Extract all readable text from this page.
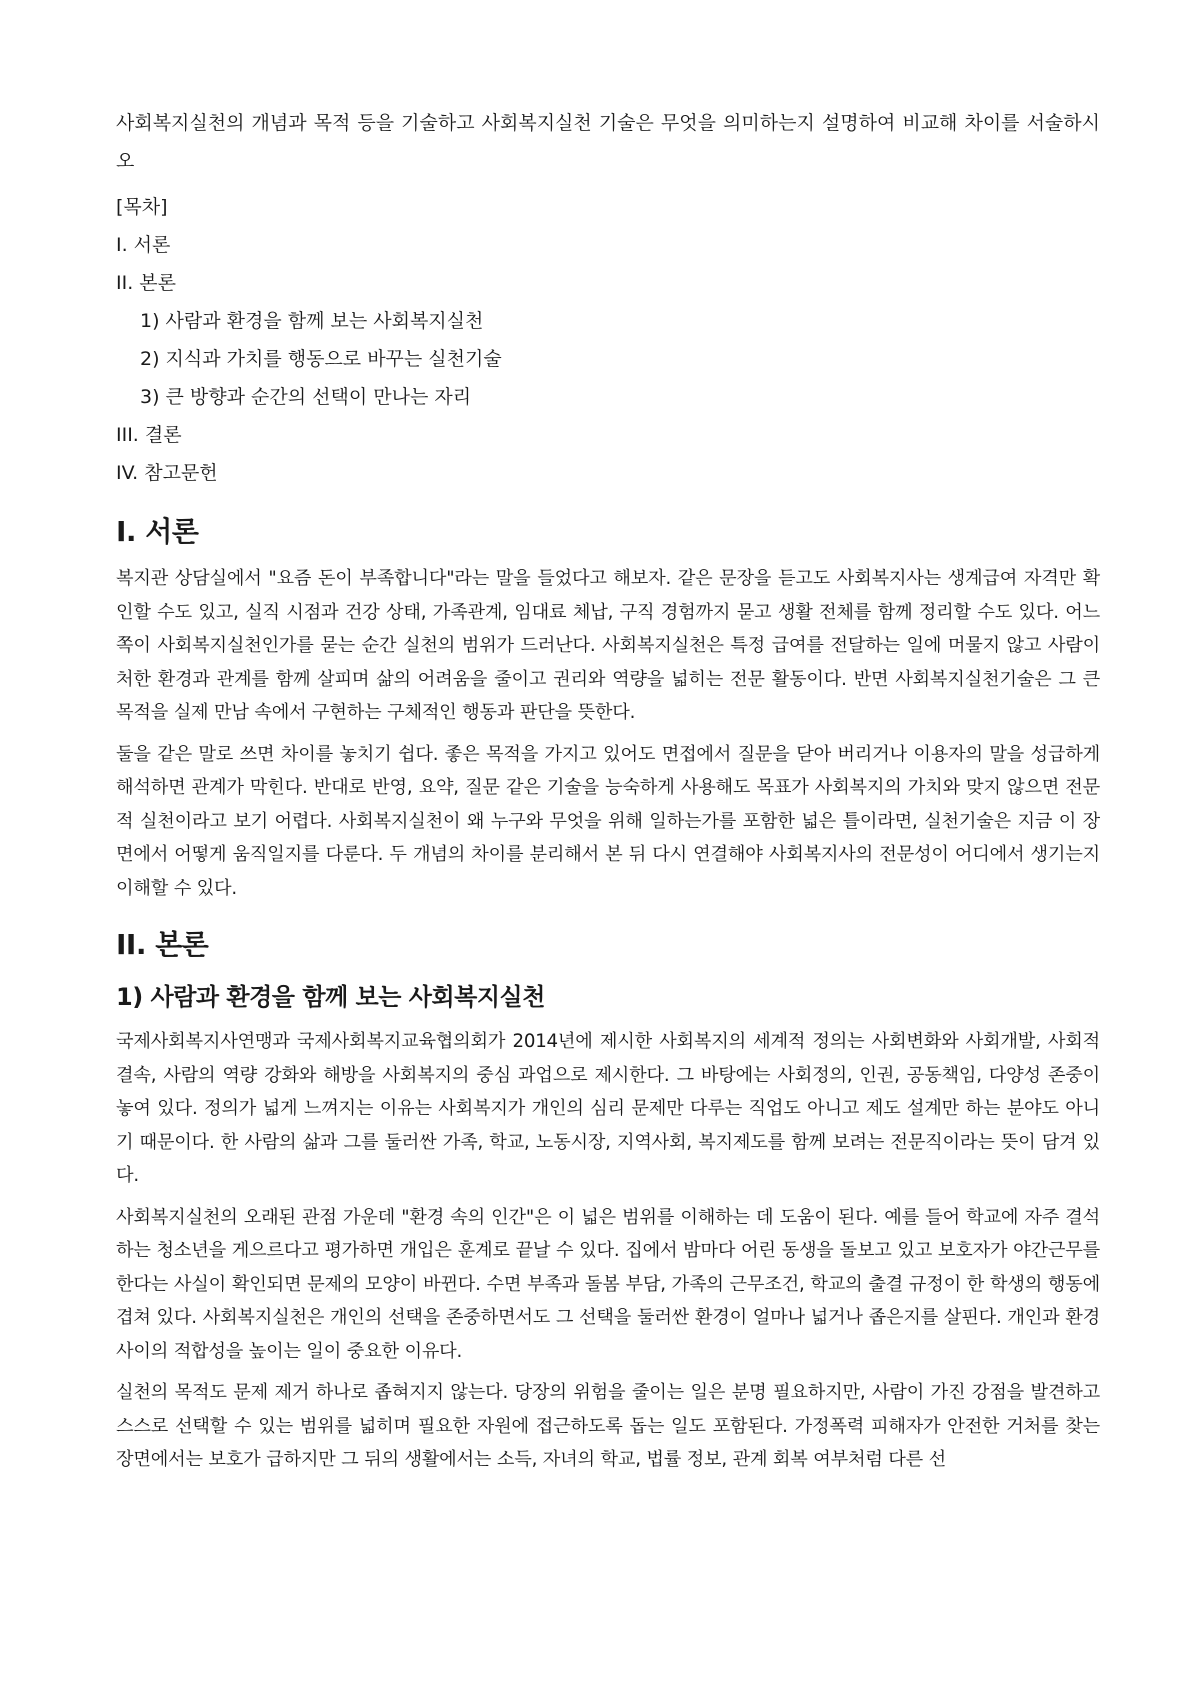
사회복지실천의 개념과 목적 등을 기술하고 사회복지실천 기술은 무엇을 의미하는지 설명하여 비교해 차이를 서술하시오

[목차]

I. 서론

II. 본론

1) 사람과 환경을 함께 보는 사회복지실천

2) 지식과 가치를 행동으로 바꾸는 실천기술

3) 큰 방향과 순간의 선택이 만나는 자리

III. 결론

IV. 참고문헌

I. 서론

복지관 상담실에서 "요즘 돈이 부족합니다"라는 말을 들었다고 해보자. 같은 문장을 듣고도 사회복지사는 생계급여 자격만 확인할 수도 있고, 실직 시점과 건강 상태, 가족관계, 임대료 체납, 구직 경험까지 묻고 생활 전체를 함께 정리할 수도 있다. 어느 쪽이 사회복지실천인가를 묻는 순간 실천의 범위가 드러난다. 사회복지실천은 특정 급여를 전달하는 일에 머물지 않고 사람이 처한 환경과 관계를 함께 살피며 삶의 어려움을 줄이고 권리와 역량을 넓히는 전문 활동이다. 반면 사회복지실천기술은 그 큰 목적을 실제 만남 속에서 구현하는 구체적인 행동과 판단을 뜻한다.

둘을 같은 말로 쓰면 차이를 놓치기 쉽다. 좋은 목적을 가지고 있어도 면접에서 질문을 닫아 버리거나 이용자의 말을 성급하게 해석하면 관계가 막힌다. 반대로 반영, 요약, 질문 같은 기술을 능숙하게 사용해도 목표가 사회복지의 가치와 맞지 않으면 전문적 실천이라고 보기 어렵다. 사회복지실천이 왜 누구와 무엇을 위해 일하는가를 포함한 넓은 틀이라면, 실천기술은 지금 이 장면에서 어떻게 움직일지를 다룬다. 두 개념의 차이를 분리해서 본 뒤 다시 연결해야 사회복지사의 전문성이 어디에서 생기는지 이해할 수 있다.

II. 본론
1) 사람과 환경을 함께 보는 사회복지실천

국제사회복지사연맹과 국제사회복지교육협의회가 2014년에 제시한 사회복지의 세계적 정의는 사회변화와 사회개발, 사회적 결속, 사람의 역량 강화와 해방을 사회복지의 중심 과업으로 제시한다. 그 바탕에는 사회정의, 인권, 공동책임, 다양성 존중이 놓여 있다. 정의가 넓게 느껴지는 이유는 사회복지가 개인의 심리 문제만 다루는 직업도 아니고 제도 설계만 하는 분야도 아니기 때문이다. 한 사람의 삶과 그를 둘러싼 가족, 학교, 노동시장, 지역사회, 복지제도를 함께 보려는 전문직이라는 뜻이 담겨 있다.

사회복지실천의 오래된 관점 가운데 "환경 속의 인간"은 이 넓은 범위를 이해하는 데 도움이 된다. 예를 들어 학교에 자주 결석하는 청소년을 게으르다고 평가하면 개입은 훈계로 끝날 수 있다. 집에서 밤마다 어린 동생을 돌보고 있고 보호자가 야간근무를 한다는 사실이 확인되면 문제의 모양이 바뀐다. 수면 부족과 돌봄 부담, 가족의 근무조건, 학교의 출결 규정이 한 학생의 행동에 겹쳐 있다. 사회복지실천은 개인의 선택을 존중하면서도 그 선택을 둘러싼 환경이 얼마나 넓거나 좁은지를 살핀다. 개인과 환경 사이의 적합성을 높이는 일이 중요한 이유다.

실천의 목적도 문제 제거 하나로 좁혀지지 않는다. 당장의 위험을 줄이는 일은 분명 필요하지만, 사람이 가진 강점을 발견하고 스스로 선택할 수 있는 범위를 넓히며 필요한 자원에 접근하도록 돕는 일도 포함된다. 가정폭력 피해자가 안전한 거처를 찾는 장면에서는 보호가 급하지만 그 뒤의 생활에서는 소득, 자녀의 학교, 법률 정보, 관계 회복 여부처럼 다른 선
